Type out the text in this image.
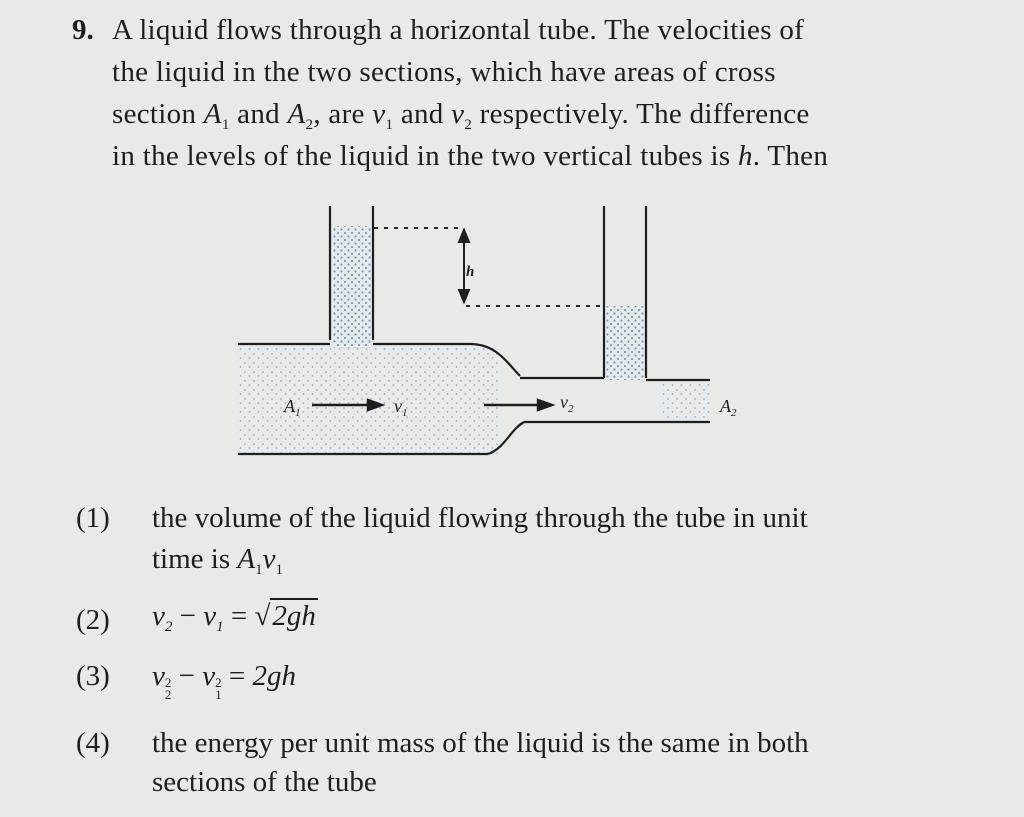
9. A liquid flows through a horizontal tube. The velocities of
the liquid in the two sections, which have areas of cross
section $A_1$ and $A_2$, are $v_1$ and $v_2$ respectively. The difference
in the levels of the liquid in the two vertical tubes is h. Then
h
$A_1$	$v_1$
$v_2$	$A_2$
(1) the volume of the liquid flowing through the tube in unit
time is $A_1v_1$
(2) $v_2 - v_1 = √2gh$
(3) v 2
2
− v 2
1
= 2gh
(4) the energy per unit mass of the liquid is the same in both
sections of the tube
